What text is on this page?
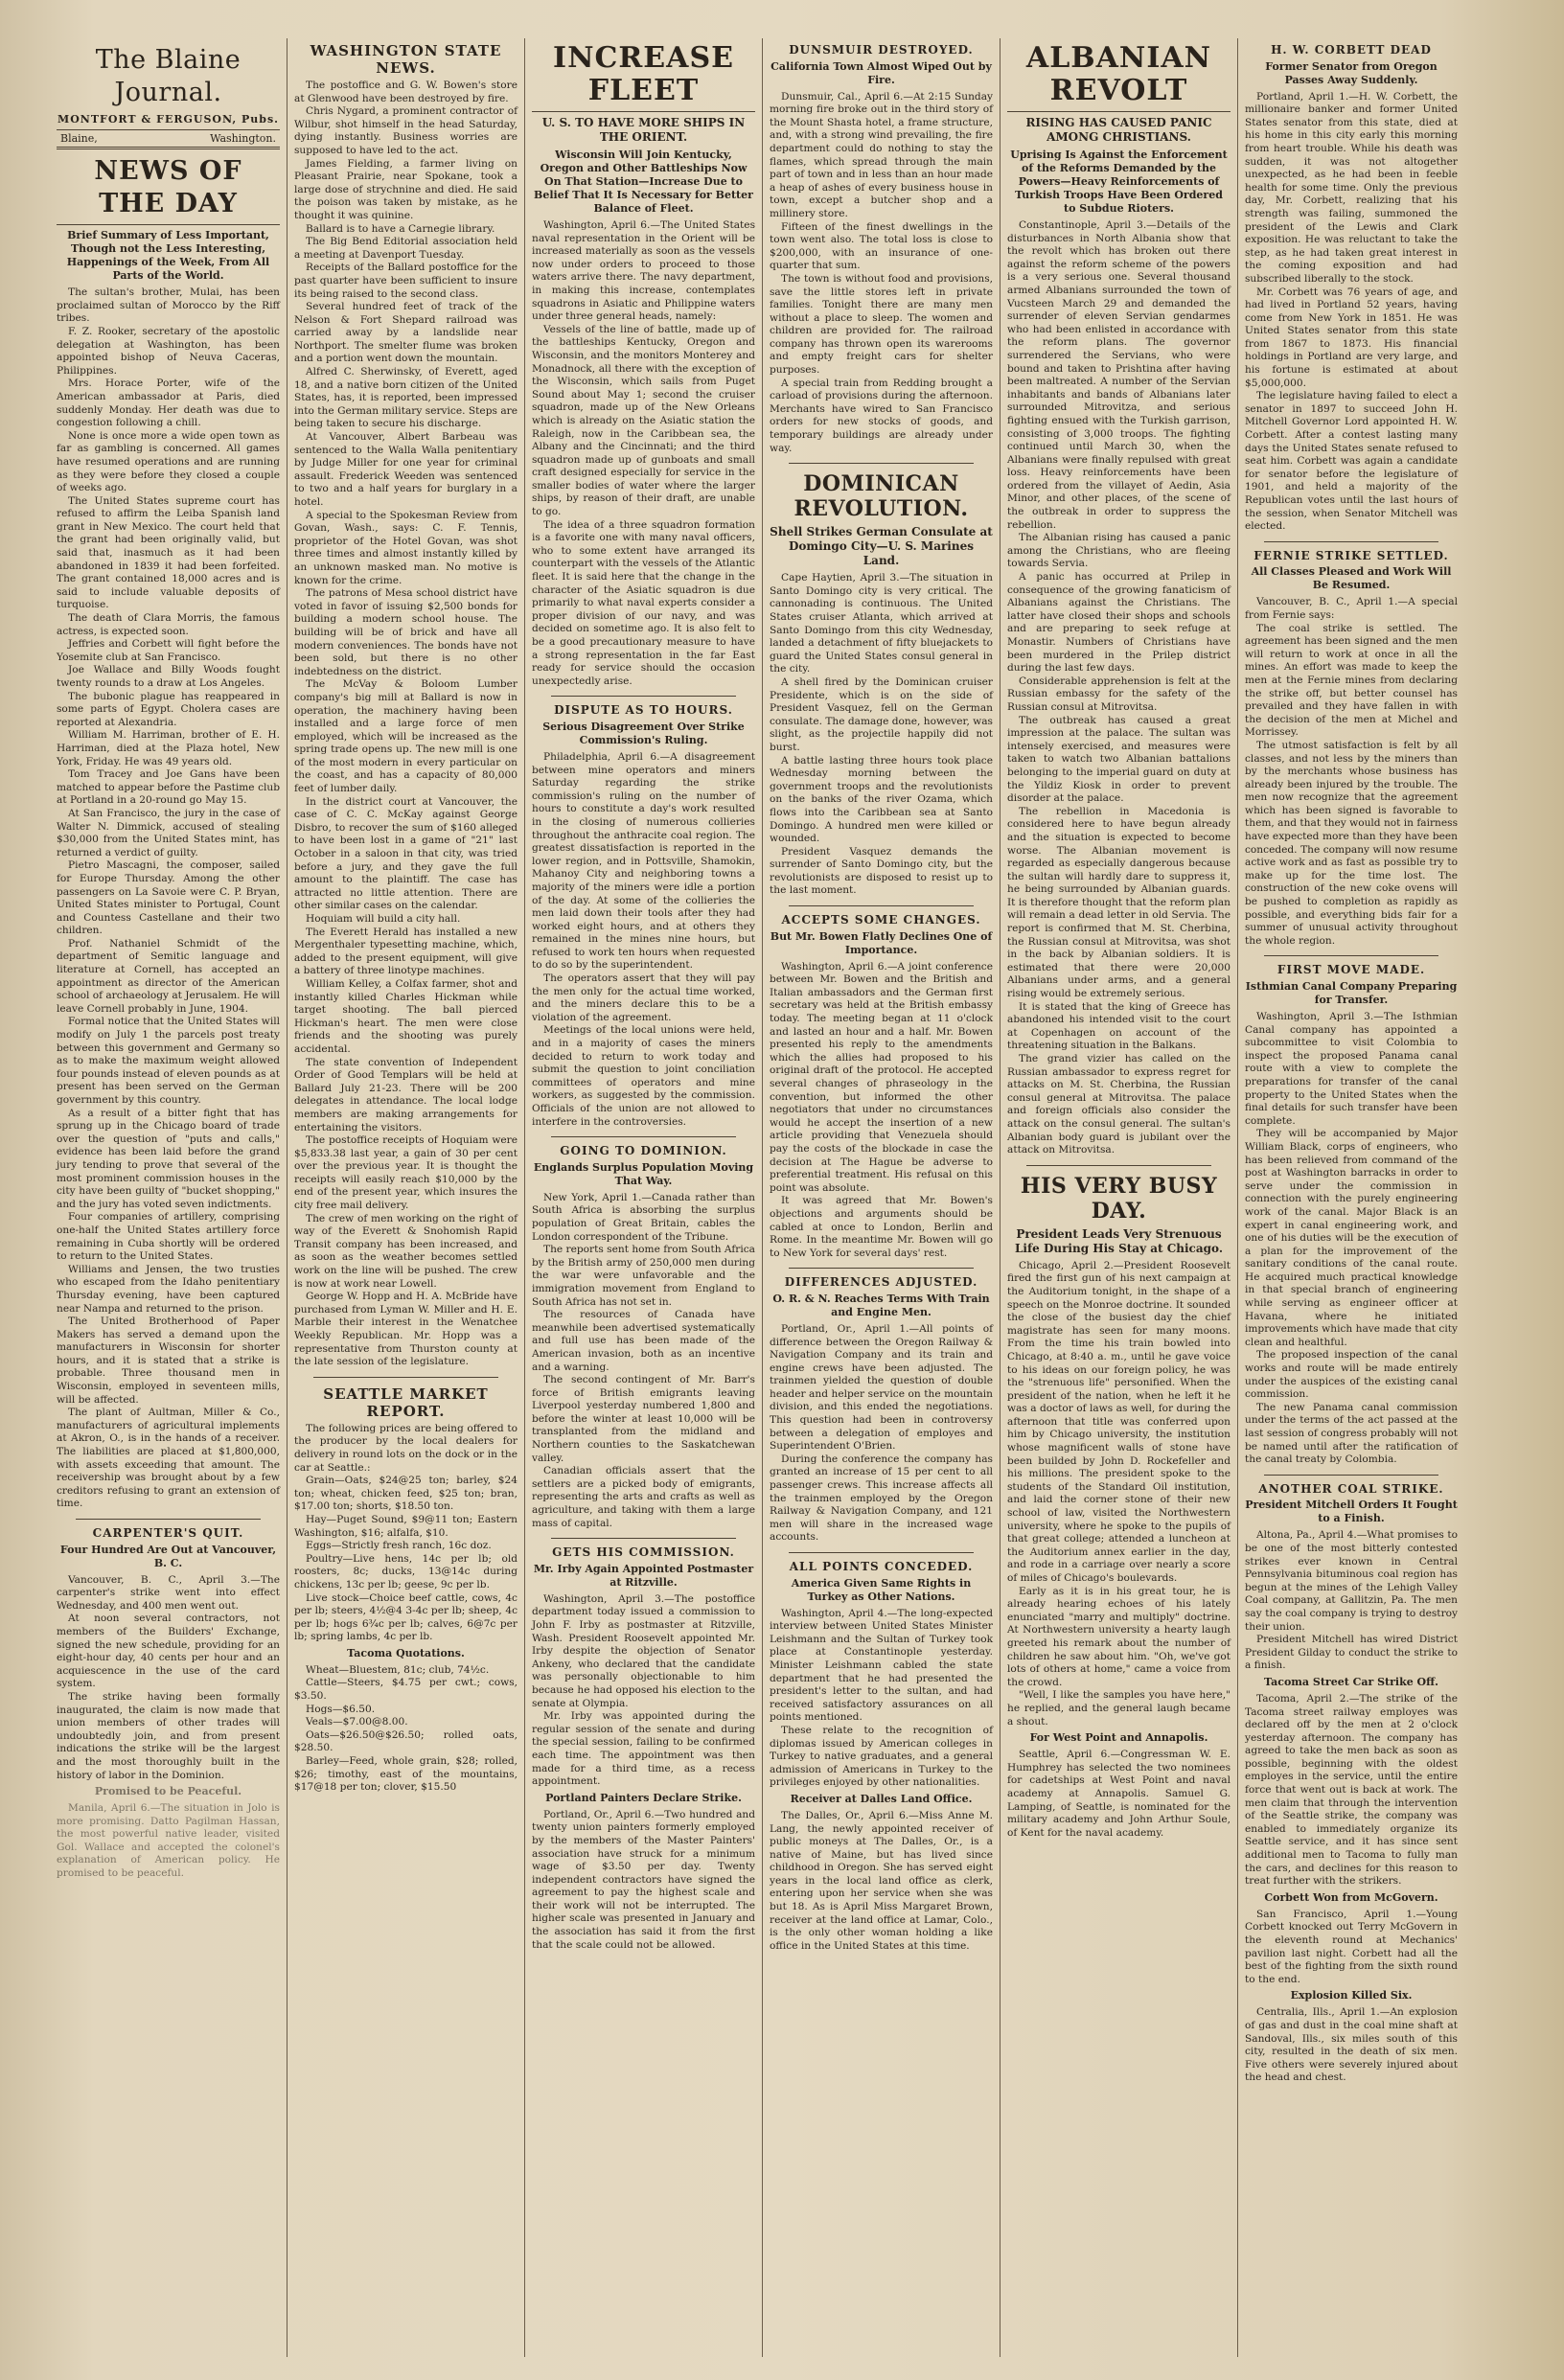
The Blaine Journal.
MONTFORT & FERGUSON, Pubs.
Blaine,	Washington.
NEWS OF THE DAY
Brief Summary of Less Important, Though not the Less Interesting, Happenings of the Week, From All Parts of the World.

The sultan's brother, Mulai, has been proclaimed sultan of Morocco by the Riff tribes.

F. Z. Rooker, secretary of the apostolic delegation at Washington, has been appointed bishop of Neuva Caceras, Philippines.

Mrs. Horace Porter, wife of the American ambassador at Paris, died suddenly Monday. Her death was due to congestion following a chill.

None is once more a wide open town as far as gambling is concerned. All games have resumed operations and are running as they were before they closed a couple of weeks ago.

The United States supreme court has refused to affirm the Leiba Spanish land grant in New Mexico. The court held that the grant had been originally valid, but said that, inasmuch as it had been abandoned in 1839 it had been forfeited. The grant contained 18,000 acres and is said to include valuable deposits of turquoise.

The death of Clara Morris, the famous actress, is expected soon.

Jeffries and Corbett will fight before the Yosemite club at San Francisco.

Joe Wallace and Billy Woods fought twenty rounds to a draw at Los Angeles.

The bubonic plague has reappeared in some parts of Egypt. Cholera cases are reported at Alexandria.

William M. Harriman, brother of E. H. Harriman, died at the Plaza hotel, New York, Friday. He was 49 years old.

Tom Tracey and Joe Gans have been matched to appear before the Pastime club at Portland in a 20-round go May 15.

At San Francisco, the jury in the case of Walter N. Dimmick, accused of stealing $30,000 from the United States mint, has returned a verdict of guilty.

Pietro Mascagni, the composer, sailed for Europe Thursday. Among the other passengers on La Savoie were C. P. Bryan, United States minister to Portugal, Count and Countess Castellane and their two children.

Prof. Nathaniel Schmidt of the department of Semitic language and literature at Cornell, has accepted an appointment as director of the American school of archaeology at Jerusalem. He will leave Cornell probably in June, 1904.

Formal notice that the United States will modify on July 1 the parcels post treaty between this government and Germany so as to make the maximum weight allowed four pounds instead of eleven pounds as at present has been served on the German government by this country.

As a result of a bitter fight that has sprung up in the Chicago board of trade over the question of "puts and calls," evidence has been laid before the grand jury tending to prove that several of the most prominent commission houses in the city have been guilty of "bucket shopping," and the jury has voted seven indictments.

Four companies of artillery, comprising one-half the United States artillery force remaining in Cuba shortly will be ordered to return to the United States.

Williams and Jensen, the two trusties who escaped from the Idaho penitentiary Thursday evening, have been captured near Nampa and returned to the prison.

The United Brotherhood of Paper Makers has served a demand upon the manufacturers in Wisconsin for shorter hours, and it is stated that a strike is probable. Three thousand men in Wisconsin, employed in seventeen mills, will be affected.

The plant of Aultman, Miller & Co., manufacturers of agricultural implements at Akron, O., is in the hands of a receiver. The liabilities are placed at $1,800,000, with assets exceeding that amount. The receivership was brought about by a few creditors refusing to grant an extension of time.

CARPENTER'S QUIT.
Four Hundred Are Out at Vancouver, B. C.

Vancouver, B. C., April 3.—The carpenter's strike went into effect Wednesday, and 400 men went out.

At noon several contractors, not members of the Builders' Exchange, signed the new schedule, providing for an eight-hour day, 40 cents per hour and an acquiescence in the use of the card system.

The strike having been formally inaugurated, the claim is now made that union members of other trades will undoubtedly join, and from present indications the strike will be the largest and the most thoroughly built in the history of labor in the Dominion.

Promised to be Peaceful.

Manila, April 6.—The situation in Jolo is more promising. Datto Pagilman Hassan, the most powerful native leader, visited Gol. Wallace and accepted the colonel's explanation of American policy. He promised to be peaceful.

WASHINGTON STATE NEWS.

The postoffice and G. W. Bowen's store at Glenwood have been destroyed by fire.

Chris Nygard, a prominent contractor of Wilbur, shot himself in the head Saturday, dying instantly. Business worries are supposed to have led to the act.

James Fielding, a farmer living on Pleasant Prairie, near Spokane, took a large dose of strychnine and died. He said the poison was taken by mistake, as he thought it was quinine.

Ballard is to have a Carnegie library.

The Big Bend Editorial association held a meeting at Davenport Tuesday.

Receipts of the Ballard postoffice for the past quarter have been sufficient to insure its being raised to the second class.

Several hundred feet of track of the Nelson & Fort Shepard railroad was carried away by a landslide near Northport. The smelter flume was broken and a portion went down the mountain.

Alfred C. Sherwinsky, of Everett, aged 18, and a native born citizen of the United States, has, it is reported, been impressed into the German military service. Steps are being taken to secure his discharge.

At Vancouver, Albert Barbeau was sentenced to the Walla Walla penitentiary by Judge Miller for one year for criminal assault. Frederick Weeden was sentenced to two and a half years for burglary in a hotel.

A special to the Spokesman Review from Govan, Wash., says: C. F. Tennis, proprietor of the Hotel Govan, was shot three times and almost instantly killed by an unknown masked man. No motive is known for the crime.

The patrons of Mesa school district have voted in favor of issuing $2,500 bonds for building a modern school house. The building will be of brick and have all modern conveniences. The bonds have not been sold, but there is no other indebtedness on the district.

The McVay & Boloom Lumber company's big mill at Ballard is now in operation, the machinery having been installed and a large force of men employed, which will be increased as the spring trade opens up. The new mill is one of the most modern in every particular on the coast, and has a capacity of 80,000 feet of lumber daily.

In the district court at Vancouver, the case of C. C. McKay against George Disbro, to recover the sum of $160 alleged to have been lost in a game of "21" last October in a saloon in that city, was tried before a jury, and they gave the full amount to the plaintiff. The case has attracted no little attention. There are other similar cases on the calendar.

Hoquiam will build a city hall.

The Everett Herald has installed a new Mergenthaler typesetting machine, which, added to the present equipment, will give a battery of three linotype machines.

William Kelley, a Colfax farmer, shot and instantly killed Charles Hickman while target shooting. The ball pierced Hickman's heart. The men were close friends and the shooting was purely accidental.

The state convention of Independent Order of Good Templars will be held at Ballard July 21-23. There will be 200 delegates in attendance. The local lodge members are making arrangements for entertaining the visitors.

The postoffice receipts of Hoquiam were $5,833.38 last year, a gain of 30 per cent over the previous year. It is thought the receipts will easily reach $10,000 by the end of the present year, which insures the city free mail delivery.

The crew of men working on the right of way of the Everett & Snohomish Rapid Transit company has been increased, and as soon as the weather becomes settled work on the line will be pushed. The crew is now at work near Lowell.

George W. Hopp and H. A. McBride have purchased from Lyman W. Miller and H. E. Marble their interest in the Wenatchee Weekly Republican. Mr. Hopp was a representative from Thurston county at the late session of the legislature.

SEATTLE MARKET REPORT.

The following prices are being offered to the producer by the local dealers for delivery in round lots on the dock or in the car at Seattle.:

Grain—Oats, $24@25 ton; barley, $24 ton; wheat, chicken feed, $25 ton; bran, $17.00 ton; shorts, $18.50 ton.

Hay—Puget Sound, $9@11 ton; Eastern Washington, $16; alfalfa, $10.

Eggs—Strictly fresh ranch, 16c doz.

Poultry—Live hens, 14c per lb; old roosters, 8c; ducks, 13@14c during chickens, 13c per lb; geese, 9c per lb.

Live stock—Choice beef cattle, cows, 4c per lb; steers, 4½@4 3-4c per lb; sheep, 4c per lb; hogs 6¾c per lb; calves, 6@7c per lb; spring lambs, 4c per lb.

Tacoma Quotations.

Wheat—Bluestem, 81c; club, 74½c.

Cattle—Steers, $4.75 per cwt.; cows, $3.50.

Hogs—$6.50.

Veals—$7.00@8.00.

Oats—$26.50@$26.50; rolled oats, $28.50.

Barley—Feed, whole grain, $28; rolled, $26; timothy, east of the mountains, $17@18 per ton; clover, $15.50

INCREASE FLEET
U. S. TO HAVE MORE SHIPS IN THE ORIENT.
Wisconsin Will Join Kentucky, Oregon and Other Battleships Now On That Station—Increase Due to Belief That It Is Necessary for Better Balance of Fleet.

Washington, April 6.—The United States naval representation in the Orient will be increased materially as soon as the vessels now under orders to proceed to those waters arrive there. The navy department, in making this increase, contemplates squadrons in Asiatic and Philippine waters under three general heads, namely:

Vessels of the line of battle, made up of the battleships Kentucky, Oregon and Wisconsin, and the monitors Monterey and Monadnock, all there with the exception of the Wisconsin, which sails from Puget Sound about May 1; second the cruiser squadron, made up of the New Orleans which is already on the Asiatic station the Raleigh, now in the Caribbean sea, the Albany and the Cincinnati; and the third squadron made up of gunboats and small craft designed especially for service in the smaller bodies of water where the larger ships, by reason of their draft, are unable to go.

The idea of a three squadron formation is a favorite one with many naval officers, who to some extent have arranged its counterpart with the vessels of the Atlantic fleet. It is said here that the change in the character of the Asiatic squadron is due primarily to what naval experts consider a proper division of our navy, and was decided on sometime ago. It is also felt to be a good precautionary measure to have a strong representation in the far East ready for service should the occasion unexpectedly arise.

DISPUTE AS TO HOURS.
Serious Disagreement Over Strike Commission's Ruling.

Philadelphia, April 6.—A disagreement between mine operators and miners Saturday regarding the strike commission's ruling on the number of hours to constitute a day's work resulted in the closing of numerous collieries throughout the anthracite coal region. The greatest dissatisfaction is reported in the lower region, and in Pottsville, Shamokin, Mahanoy City and neighboring towns a majority of the miners were idle a portion of the day. At some of the collieries the men laid down their tools after they had worked eight hours, and at others they remained in the mines nine hours, but refused to work ten hours when requested to do so by the superintendent.

The operators assert that they will pay the men only for the actual time worked, and the miners declare this to be a violation of the agreement.

Meetings of the local unions were held, and in a majority of cases the miners decided to return to work today and submit the question to joint conciliation committees of operators and mine workers, as suggested by the commission. Officials of the union are not allowed to interfere in the controversies.

GOING TO DOMINION.
Englands Surplus Population Moving That Way.

New York, April 1.—Canada rather than South Africa is absorbing the surplus population of Great Britain, cables the London correspondent of the Tribune.

The reports sent home from South Africa by the British army of 250,000 men during the war were unfavorable and the immigration movement from England to South Africa has not set in.

The resources of Canada have meanwhile been advertised systematically and full use has been made of the American invasion, both as an incentive and a warning.

The second contingent of Mr. Barr's force of British emigrants leaving Liverpool yesterday numbered 1,800 and before the winter at least 10,000 will be transplanted from the midland and Northern counties to the Saskatchewan valley.

Canadian officials assert that the settlers are a picked body of emigrants, representing the arts and crafts as well as agriculture, and taking with them a large mass of capital.

GETS HIS COMMISSION.
Mr. Irby Again Appointed Postmaster at Ritzville.

Washington, April 3.—The postoffice department today issued a commission to John F. Irby as postmaster at Ritzville, Wash. President Roosevelt appointed Mr. Irby despite the objection of Senator Ankeny, who declared that the candidate was personally objectionable to him because he had opposed his election to the senate at Olympia.

Mr. Irby was appointed during the regular session of the senate and during the special session, failing to be confirmed each time. The appointment was then made for a third time, as a recess appointment.

Portland Painters Declare Strike.

Portland, Or., April 6.—Two hundred and twenty union painters formerly employed by the members of the Master Painters' association have struck for a minimum wage of $3.50 per day. Twenty independent contractors have signed the agreement to pay the highest scale and their work will not be interrupted. The higher scale was presented in January and the association has said it from the first that the scale could not be allowed.

DUNSMUIR DESTROYED.
California Town Almost Wiped Out by Fire.

Dunsmuir, Cal., April 6.—At 2:15 Sunday morning fire broke out in the third story of the Mount Shasta hotel, a frame structure, and, with a strong wind prevailing, the fire department could do nothing to stay the flames, which spread through the main part of town and in less than an hour made a heap of ashes of every business house in town, except a butcher shop and a millinery store.

Fifteen of the finest dwellings in the town went also. The total loss is close to $200,000, with an insurance of one-quarter that sum.

The town is without food and provisions, save the little stores left in private families. Tonight there are many men without a place to sleep. The women and children are provided for. The railroad company has thrown open its warerooms and empty freight cars for shelter purposes.

A special train from Redding brought a carload of provisions during the afternoon. Merchants have wired to San Francisco orders for new stocks of goods, and temporary buildings are already under way.

DOMINICAN REVOLUTION.
Shell Strikes German Consulate at Domingo City—U. S. Marines Land.

Cape Haytien, April 3.—The situation in Santo Domingo city is very critical. The cannonading is continuous. The United States cruiser Atlanta, which arrived at Santo Domingo from this city Wednesday, landed a detachment of fifty bluejackets to guard the United States consul general in the city.

A shell fired by the Dominican cruiser Presidente, which is on the side of President Vasquez, fell on the German consulate. The damage done, however, was slight, as the projectile happily did not burst.

A battle lasting three hours took place Wednesday morning between the government troops and the revolutionists on the banks of the river Ozama, which flows into the Caribbean sea at Santo Domingo. A hundred men were killed or wounded.

President Vasquez demands the surrender of Santo Domingo city, but the revolutionists are disposed to resist up to the last moment.

ACCEPTS SOME CHANGES.
But Mr. Bowen Flatly Declines One of Importance.

Washington, April 6.—A joint conference between Mr. Bowen and the British and Italian ambassadors and the German first secretary was held at the British embassy today. The meeting began at 11 o'clock and lasted an hour and a half. Mr. Bowen presented his reply to the amendments which the allies had proposed to his original draft of the protocol. He accepted several changes of phraseology in the convention, but informed the other negotiators that under no circumstances would he accept the insertion of a new article providing that Venezuela should pay the costs of the blockade in case the decision at The Hague be adverse to preferential treatment. His refusal on this point was absolute.

It was agreed that Mr. Bowen's objections and arguments should be cabled at once to London, Berlin and Rome. In the meantime Mr. Bowen will go to New York for several days' rest.

DIFFERENCES ADJUSTED.
O. R. & N. Reaches Terms With Train and Engine Men.

Portland, Or., April 1.—All points of difference between the Oregon Railway & Navigation Company and its train and engine crews have been adjusted. The trainmen yielded the question of double header and helper service on the mountain division, and this ended the negotiations. This question had been in controversy between a delegation of employes and Superintendent O'Brien.

During the conference the company has granted an increase of 15 per cent to all passenger crews. This increase affects all the trainmen employed by the Oregon Railway & Navigation Company, and 121 men will share in the increased wage accounts.

ALL POINTS CONCEDED.
America Given Same Rights in Turkey as Other Nations.

Washington, April 4.—The long-expected interview between United States Minister Leishmann and the Sultan of Turkey took place at Constantinople yesterday. Minister Leishmann cabled the state department that he had presented the president's letter to the sultan, and had received satisfactory assurances on all points mentioned.

These relate to the recognition of diplomas issued by American colleges in Turkey to native graduates, and a general admission of Americans in Turkey to the privileges enjoyed by other nationalities.

Receiver at Dalles Land Office.

The Dalles, Or., April 6.—Miss Anne M. Lang, the newly appointed receiver of public moneys at The Dalles, Or., is a native of Maine, but has lived since childhood in Oregon. She has served eight years in the local land office as clerk, entering upon her service when she was but 18. As is April Miss Margaret Brown, receiver at the land office at Lamar, Colo., is the only other woman holding a like office in the United States at this time.

ALBANIAN REVOLT
RISING HAS CAUSED PANIC AMONG CHRISTIANS.
Uprising Is Against the Enforcement of the Reforms Demanded by the Powers—Heavy Reinforcements of Turkish Troops Have Been Ordered to Subdue Rioters.

Constantinople, April 3.—Details of the disturbances in North Albania show that the revolt which has broken out there against the reform scheme of the powers is a very serious one. Several thousand armed Albanians surrounded the town of Vucsteen March 29 and demanded the surrender of eleven Servian gendarmes who had been enlisted in accordance with the reform plans. The governor surrendered the Servians, who were bound and taken to Prishtina after having been maltreated. A number of the Servian inhabitants and bands of Albanians later surrounded Mitrovitza, and serious fighting ensued with the Turkish garrison, consisting of 3,000 troops. The fighting continued until March 30, when the Albanians were finally repulsed with great loss. Heavy reinforcements have been ordered from the villayet of Aedin, Asia Minor, and other places, of the scene of the outbreak in order to suppress the rebellion.

The Albanian rising has caused a panic among the Christians, who are fleeing towards Servia.

A panic has occurred at Prilep in consequence of the growing fanaticism of Albanians against the Christians. The latter have closed their shops and schools and are preparing to seek refuge at Monastir. Numbers of Christians have been murdered in the Prilep district during the last few days.

Considerable apprehension is felt at the Russian embassy for the safety of the Russian consul at Mitrovitsa.

The outbreak has caused a great impression at the palace. The sultan was intensely exercised, and measures were taken to watch two Albanian battalions belonging to the imperial guard on duty at the Yildiz Kiosk in order to prevent disorder at the palace.

The rebellion in Macedonia is considered here to have begun already and the situation is expected to become worse. The Albanian movement is regarded as especially dangerous because the sultan will hardly dare to suppress it, he being surrounded by Albanian guards. It is therefore thought that the reform plan will remain a dead letter in old Servia. The report is confirmed that M. St. Cherbina, the Russian consul at Mitrovitsa, was shot in the back by Albanian soldiers. It is estimated that there were 20,000 Albanians under arms, and a general rising would be extremely serious.

It is stated that the king of Greece has abandoned his intended visit to the court at Copenhagen on account of the threatening situation in the Balkans.

The grand vizier has called on the Russian ambassador to express regret for attacks on M. St. Cherbina, the Russian consul general at Mitrovitsa. The palace and foreign officials also consider the attack on the consul general. The sultan's Albanian body guard is jubilant over the attack on Mitrovitsa.

HIS VERY BUSY DAY.
President Leads Very Strenuous Life During His Stay at Chicago.

Chicago, April 2.—President Roosevelt fired the first gun of his next campaign at the Auditorium tonight, in the shape of a speech on the Monroe doctrine. It sounded the close of the busiest day the chief magistrate has seen for many moons. From the time his train bowled into Chicago, at 8:40 a. m., until he gave voice to his ideas on our foreign policy, he was the "strenuous life" personified. When the president of the nation, when he left it he was a doctor of laws as well, for during the afternoon that title was conferred upon him by Chicago university, the institution whose magnificent walls of stone have been builded by John D. Rockefeller and his millions. The president spoke to the students of the Standard Oil institution, and laid the corner stone of their new school of law, visited the Northwestern university, where he spoke to the pupils of that great college; attended a luncheon at the Auditorium annex earlier in the day, and rode in a carriage over nearly a score of miles of Chicago's boulevards.

Early as it is in his great tour, he is already hearing echoes of his lately enunciated "marry and multiply" doctrine. At Northwestern university a hearty laugh greeted his remark about the number of children he saw about him. "Oh, we've got lots of others at home," came a voice from the crowd.

"Well, I like the samples you have here," he replied, and the general laugh became a shout.

For West Point and Annapolis.

Seattle, April 6.—Congressman W. E. Humphrey has selected the two nominees for cadetships at West Point and naval academy at Annapolis. Samuel G. Lamping, of Seattle, is nominated for the military academy and John Arthur Soule, of Kent for the naval academy.

H. W. CORBETT DEAD
Former Senator from Oregon Passes Away Suddenly.

Portland, April 1.—H. W. Corbett, the millionaire banker and former United States senator from this state, died at his home in this city early this morning from heart trouble. While his death was sudden, it was not altogether unexpected, as he had been in feeble health for some time. Only the previous day, Mr. Corbett, realizing that his strength was failing, summoned the president of the Lewis and Clark exposition. He was reluctant to take the step, as he had taken great interest in the coming exposition and had subscribed liberally to the stock.

Mr. Corbett was 76 years of age, and had lived in Portland 52 years, having come from New York in 1851. He was United States senator from this state from 1867 to 1873. His financial holdings in Portland are very large, and his fortune is estimated at about $5,000,000.

The legislature having failed to elect a senator in 1897 to succeed John H. Mitchell Governor Lord appointed H. W. Corbett. After a contest lasting many days the United States senate refused to seat him. Corbett was again a candidate for senator before the legislature of 1901, and held a majority of the Republican votes until the last hours of the session, when Senator Mitchell was elected.

FERNIE STRIKE SETTLED.
All Classes Pleased and Work Will Be Resumed.

Vancouver, B. C., April 1.—A special from Fernie says:

The coal strike is settled. The agreement has been signed and the men will return to work at once in all the mines. An effort was made to keep the men at the Fernie mines from declaring the strike off, but better counsel has prevailed and they have fallen in with the decision of the men at Michel and Morrissey.

The utmost satisfaction is felt by all classes, and not less by the miners than by the merchants whose business has already been injured by the trouble. The men now recognize that the agreement which has been signed is favorable to them, and that they would not in fairness have expected more than they have been conceded. The company will now resume active work and as fast as possible try to make up for the time lost. The construction of the new coke ovens will be pushed to completion as rapidly as possible, and everything bids fair for a summer of unusual activity throughout the whole region.

FIRST MOVE MADE.
Isthmian Canal Company Preparing for Transfer.

Washington, April 3.—The Isthmian Canal company has appointed a subcommittee to visit Colombia to inspect the proposed Panama canal route with a view to complete the preparations for transfer of the canal property to the United States when the final details for such transfer have been complete.

They will be accompanied by Major William Black, corps of engineers, who has been relieved from command of the post at Washington barracks in order to serve under the commission in connection with the purely engineering work of the canal. Major Black is an expert in canal engineering work, and one of his duties will be the execution of a plan for the improvement of the sanitary conditions of the canal route. He acquired much practical knowledge in that special branch of engineering while serving as engineer officer at Havana, where he initiated improvements which have made that city clean and healthful.

The proposed inspection of the canal works and route will be made entirely under the auspices of the existing canal commission.

The new Panama canal commission under the terms of the act passed at the last session of congress probably will not be named until after the ratification of the canal treaty by Colombia.

ANOTHER COAL STRIKE.
President Mitchell Orders It Fought to a Finish.

Altona, Pa., April 4.—What promises to be one of the most bitterly contested strikes ever known in Central Pennsylvania bituminous coal region has begun at the mines of the Lehigh Valley Coal company, at Gallitzin, Pa. The men say the coal company is trying to destroy their union.

President Mitchell has wired District President Gilday to conduct the strike to a finish.

Tacoma Street Car Strike Off.

Tacoma, April 2.—The strike of the Tacoma street railway employes was declared off by the men at 2 o'clock yesterday afternoon. The company has agreed to take the men back as soon as possible, beginning with the oldest employes in the service, until the entire force that went out is back at work. The men claim that through the intervention of the Seattle strike, the company was enabled to immediately organize its Seattle service, and it has since sent additional men to Tacoma to fully man the cars, and declines for this reason to treat further with the strikers.

Corbett Won from McGovern.

San Francisco, April 1.—Young Corbett knocked out Terry McGovern in the eleventh round at Mechanics' pavilion last night. Corbett had all the best of the fighting from the sixth round to the end.

Explosion Killed Six.

Centralia, Ills., April 1.—An explosion of gas and dust in the coal mine shaft at Sandoval, Ills., six miles south of this city, resulted in the death of six men. Five others were severely injured about the head and chest.
